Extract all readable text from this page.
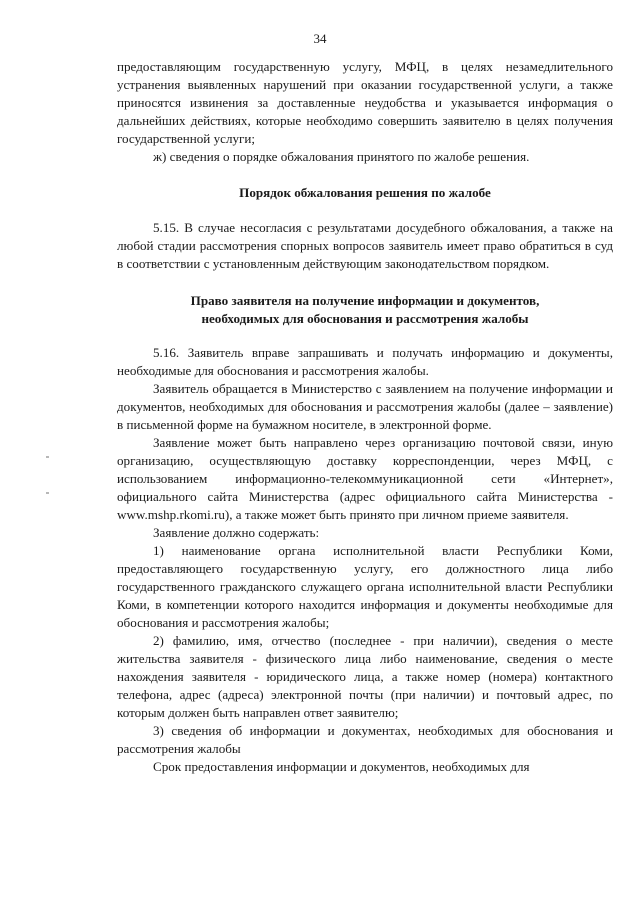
34

предоставляющим государственную услугу, МФЦ, в целях незамедлительного устранения выявленных нарушений при оказании государственной услуги, а также приносятся извинения за доставленные неудобства и указывается информация о дальнейших действиях, которые необходимо совершить заявителю в целях получения государственной услуги;

ж) сведения о порядке обжалования принятого по жалобе решения.

Порядок обжалования решения по жалобе

5.15. В случае несогласия с результатами досудебного обжалования, а также на любой стадии рассмотрения спорных вопросов заявитель имеет право обратиться в суд в соответствии с установленным действующим законодательством порядком.

Право заявителя на получение информации и документов,
необходимых для обоснования и рассмотрения жалобы

5.16. Заявитель вправе запрашивать и получать информацию и документы, необходимые для обоснования и рассмотрения жалобы.

Заявитель обращается в Министерство с заявлением на получение информации и документов, необходимых для обоснования и рассмотрения жалобы (далее – заявление) в письменной форме на бумажном носителе, в электронной форме.

Заявление может быть направлено через организацию почтовой связи, иную организацию, осуществляющую доставку корреспонденции, через МФЦ, с использованием информационно-телекоммуникационной сети «Интернет», официального сайта Министерства (адрес официального сайта Министерства - www.mshp.rkomi.ru), а также может быть принято при личном приеме заявителя.

Заявление должно содержать:

1) наименование органа исполнительной власти Республики Коми, предоставляющего государственную услугу, его должностного лица либо государственного гражданского служащего органа исполнительной власти Республики Коми, в компетенции которого находится информация и документы необходимые для обоснования и рассмотрения жалобы;

2) фамилию, имя, отчество (последнее - при наличии), сведения о месте жительства заявителя - физического лица либо наименование, сведения о месте нахождения заявителя - юридического лица, а также номер (номера) контактного телефона, адрес (адреса) электронной почты (при наличии) и почтовый адрес, по которым должен быть направлен ответ заявителю;

3) сведения об информации и документах, необходимых для обоснования и рассмотрения жалобы

Срок предоставления информации и документов, необходимых для
